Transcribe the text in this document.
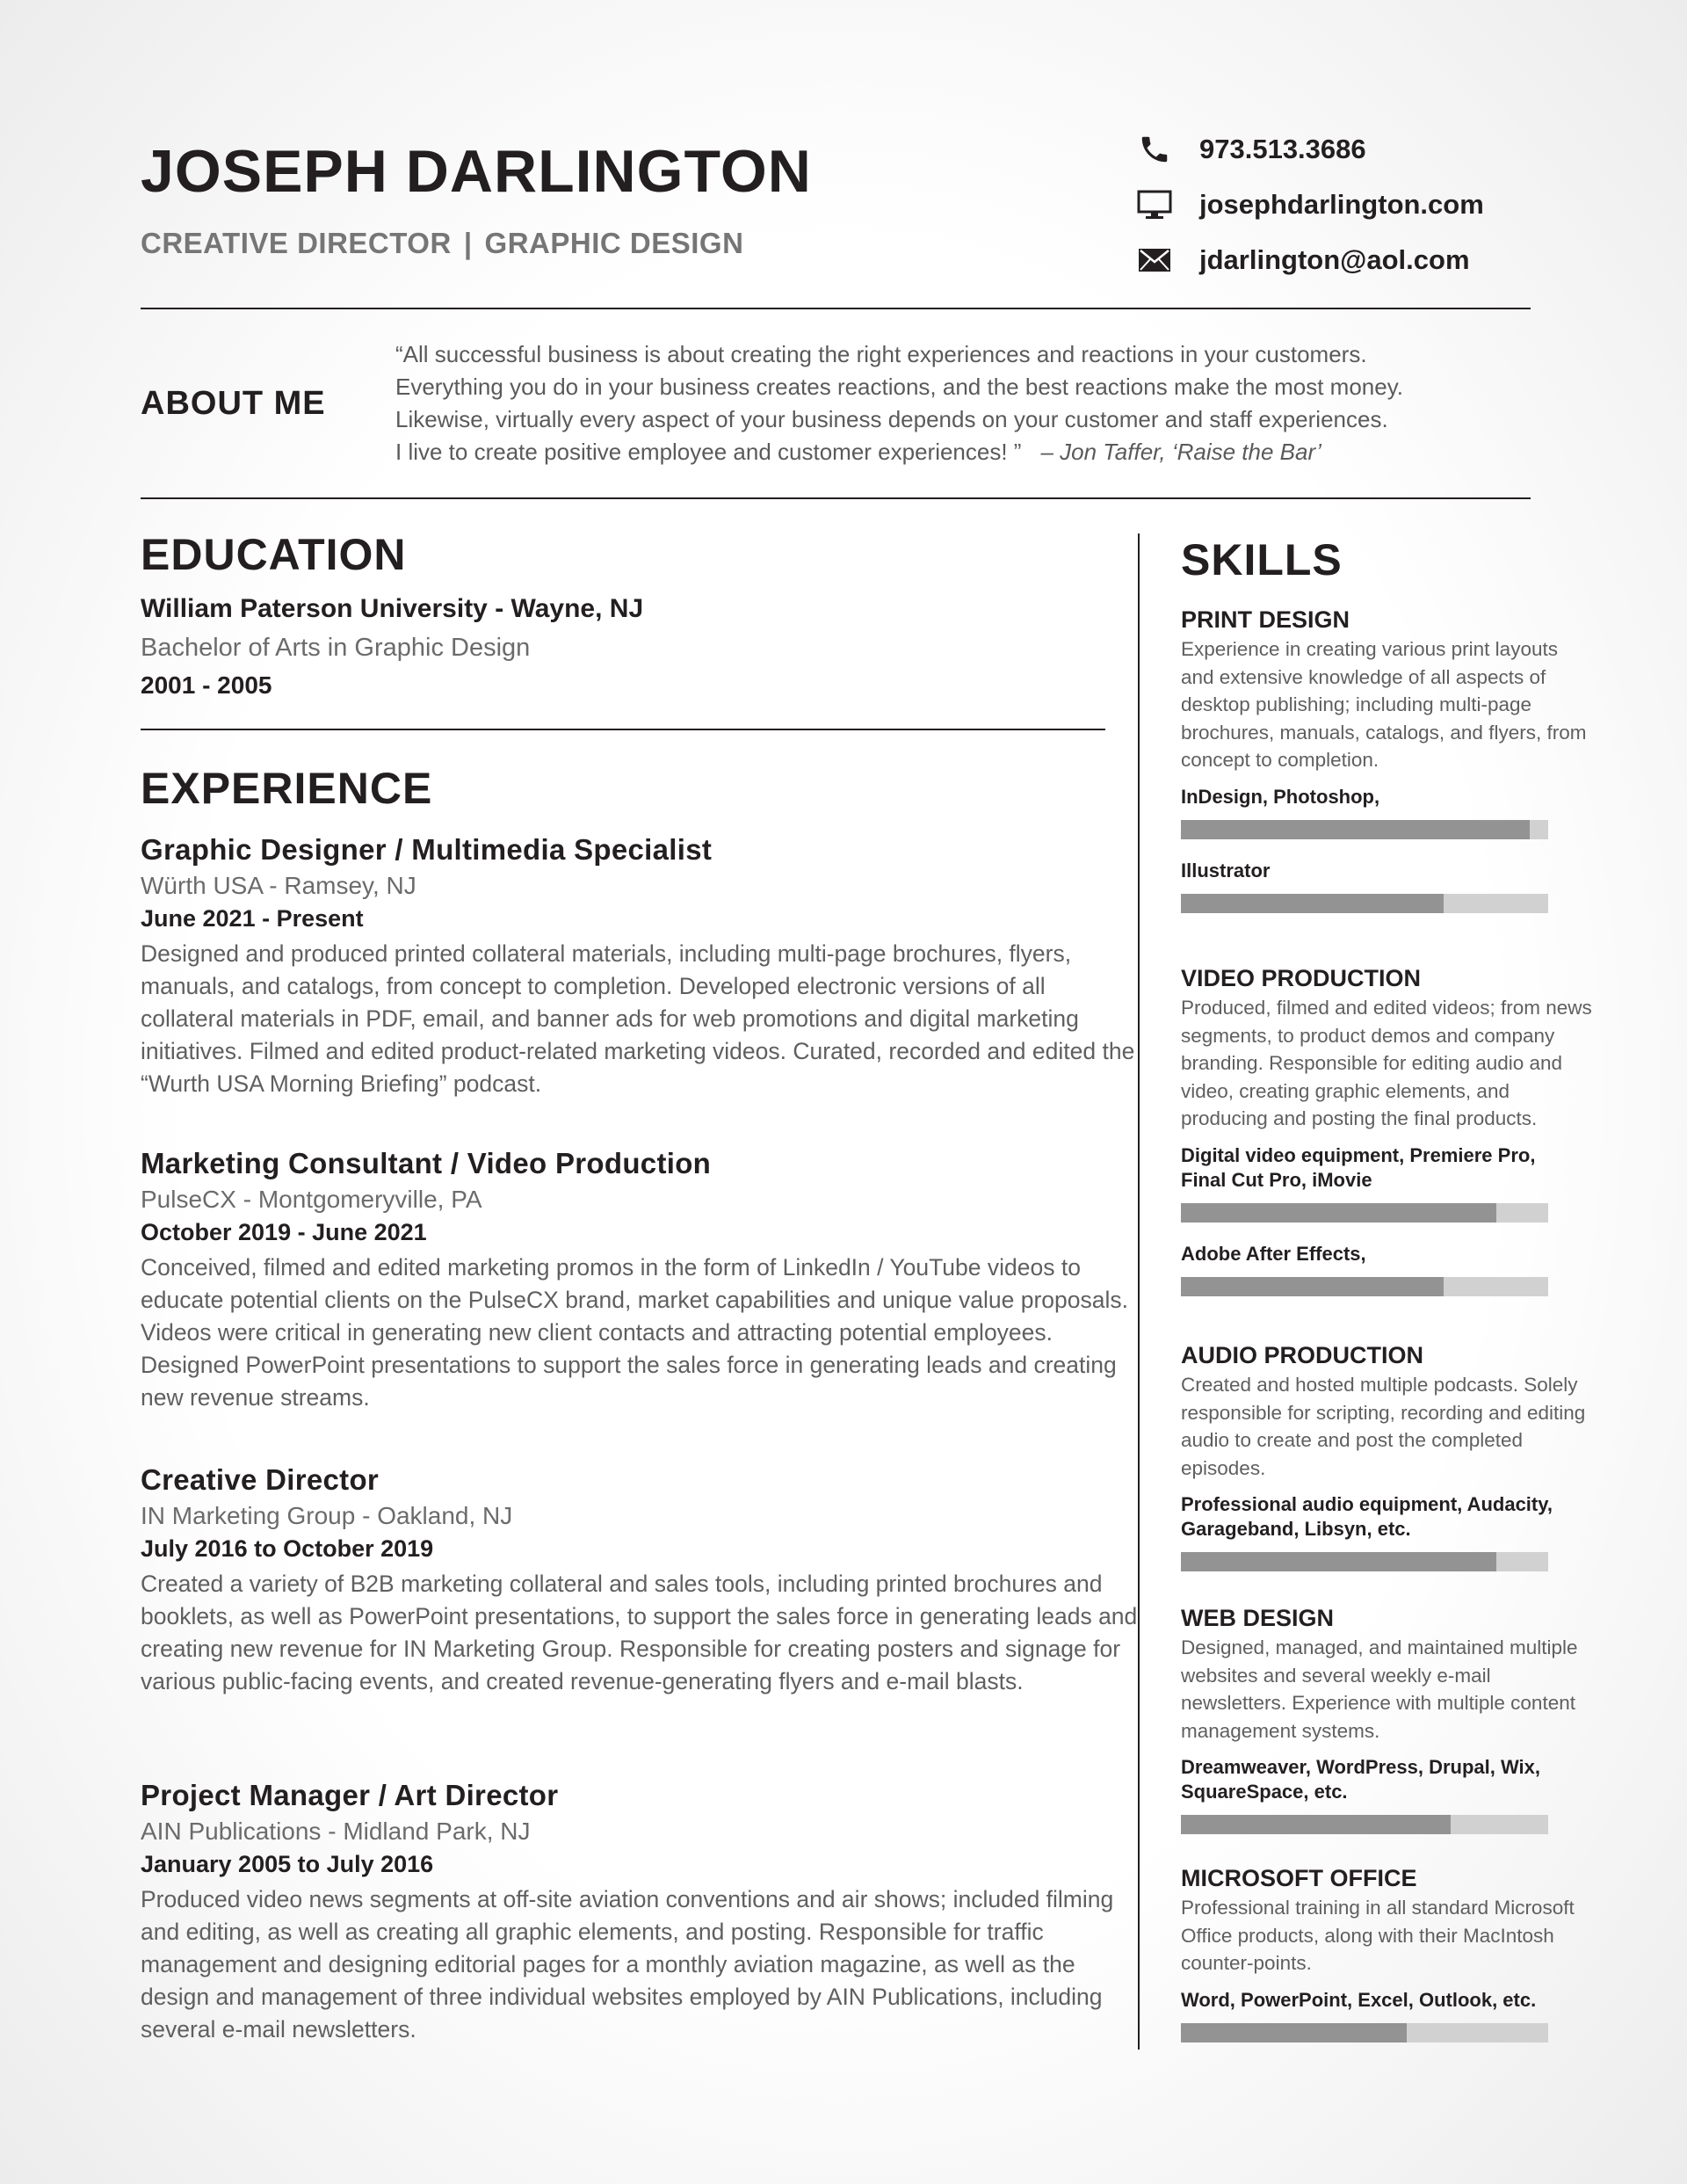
JOSEPH DARLINGTON
CREATIVE DIRECTOR | GRAPHIC DESIGN
973.513.3686
josephdarlington.com
jdarlington@aol.com
ABOUT ME
“All successful business is about creating the right experiences and reactions in your customers.
Everything you do in your business creates reactions, and the best reactions make the most money.
Likewise, virtually every aspect of your business depends on your customer and staff experiences.
I live to create positive employee and customer experiences! ” – Jon Taffer, ‘Raise the Bar’
EDUCATION
William Paterson University - Wayne, NJ
Bachelor of Arts in Graphic Design
2001 - 2005
EXPERIENCE
Graphic Designer / Multimedia Specialist
Würth USA - Ramsey, NJ
June 2021 - Present
Designed and produced printed collateral materials, including multi-page brochures, flyers, manuals, and catalogs, from concept to completion. Developed electronic versions of all collateral materials in PDF, email, and banner ads for web promotions and digital marketing initiatives. Filmed and edited product-related marketing videos. Curated, recorded and edited the “Wurth USA Morning Briefing” podcast.
Marketing Consultant / Video Production
PulseCX - Montgomeryville, PA
October 2019 - June 2021
Conceived, filmed and edited marketing promos in the form of LinkedIn / YouTube videos to educate potential clients on the PulseCX brand, market capabilities and unique value proposals. Videos were critical in generating new client contacts and attracting potential employees. Designed PowerPoint presentations to support the sales force in generating leads and creating new revenue streams.
Creative Director
IN Marketing Group - Oakland, NJ
July 2016 to October 2019
Created a variety of B2B marketing collateral and sales tools, including printed brochures and booklets, as well as PowerPoint presentations, to support the sales force in generating leads and creating new revenue for IN Marketing Group. Responsible for creating posters and signage for various public-facing events, and created revenue-generating flyers and e-mail blasts.
Project Manager / Art Director
AIN Publications - Midland Park, NJ
January 2005 to July 2016
Produced video news segments at off-site aviation conventions and air shows; included filming and editing, as well as creating all graphic elements, and posting. Responsible for traffic management and designing editorial pages for a monthly aviation magazine, as well as the design and management of three individual websites employed by AIN Publications, including several e-mail newsletters.
SKILLS
PRINT DESIGN
Experience in creating various print layouts and extensive knowledge of all aspects of desktop publishing; including multi-page brochures, manuals, catalogs, and flyers, from concept to completion.
InDesign, Photoshop,
Illustrator
VIDEO PRODUCTION
Produced, filmed and edited videos; from news segments, to product demos and company branding. Responsible for editing audio and video, creating graphic elements, and producing and posting the final products.
Digital video equipment, Premiere Pro, Final Cut Pro, iMovie
Adobe After Effects,
AUDIO PRODUCTION
Created and hosted multiple podcasts. Solely responsible for scripting, recording and editing audio to create and post the completed episodes.
Professional audio equipment, Audacity, Garageband, Libsyn, etc.
WEB DESIGN
Designed, managed, and maintained multiple websites and several weekly e-mail newsletters. Experience with multiple content management systems.
Dreamweaver, WordPress, Drupal, Wix, SquareSpace, etc.
MICROSOFT OFFICE
Professional training in all standard Microsoft Office products, along with their MacIntosh counter-points.
Word, PowerPoint, Excel, Outlook, etc.
